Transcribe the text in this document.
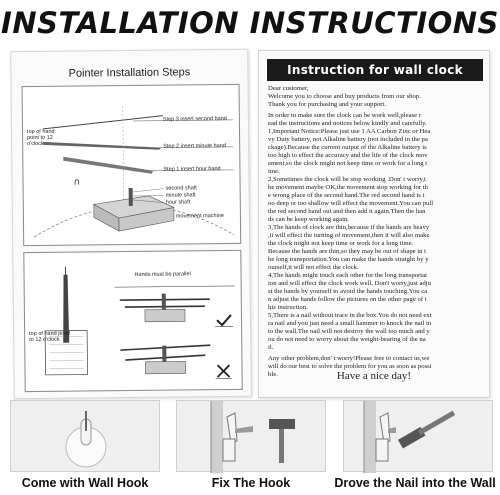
INSTALLATION INSTRUCTIONS
Pointer Installation Steps
∩
top of hand point to 12 o'clock
Step 3 insert second hand
Step 2 insert minute hand
Step 1 insert hour hand
second shaft
minute shaft
hour shaft
movement machine
top of hand point to 12 o'clock
Hands must be parallel
Instruction for wall clock

Dear customer,

Welcome you to choose and buy products from our shop.

Thank you for purchasing and your support.

In order to make sure the clock can be work well,please r

ead the instructions and notices below kindly and carefully.

1,Important Notice:Please just use 1 AA Carbon Zinc or Hea

vy Duty battery, not Alkaline battery (not included in the pa

ckage).Because the current output of the Alkaline battery is

too high to effect the accuracy and the life of the clock mov

ement,so the clock might not keep time or work for a long t

ime.

2,Sometimes the clock will be stop working .Don' t worry,t

he movement maybe OK,the movement stop working for th

e wrong place of the second hand.The red second hand is t

oo deep or too shallow will effect the movement.You can pull

the red second hand out and then add it again.Then the han

ds can be keep working again.

3,The hands of clock are thin,because if the hands are heavy

,it will effect the turning of movement,then it will also make

the clock might not keep time or work for a long time.

Because the hands are thin,so they may be out of shape in t

he long transportation.You can make the hands straight by y

ourself,it will not effect the clock.

4,The hands might touch each other for the long transportat

ion and will effect the clock work well. Don't worry,just adju

st the hands by yourself to avoid the hands touching.You ca

n adjust the hands follow the pictures on the other page of t

his instruction.

5,There is a nail without trace in the box.You do not need ext

ra nail and you just need a small hammer to knock the nail in

to the wall.The nail will not destroy the wall too much and y

ou do not need to worry about the weight-bearing of the na

il.

Any other problem,don' t worry!Please free to contact us,we

will do our best to solve the problem for you as soon as possi

ble.	Have a nice day!
Come with Wall Hook	Fix The Hook	Drove the Nail into the Wall
